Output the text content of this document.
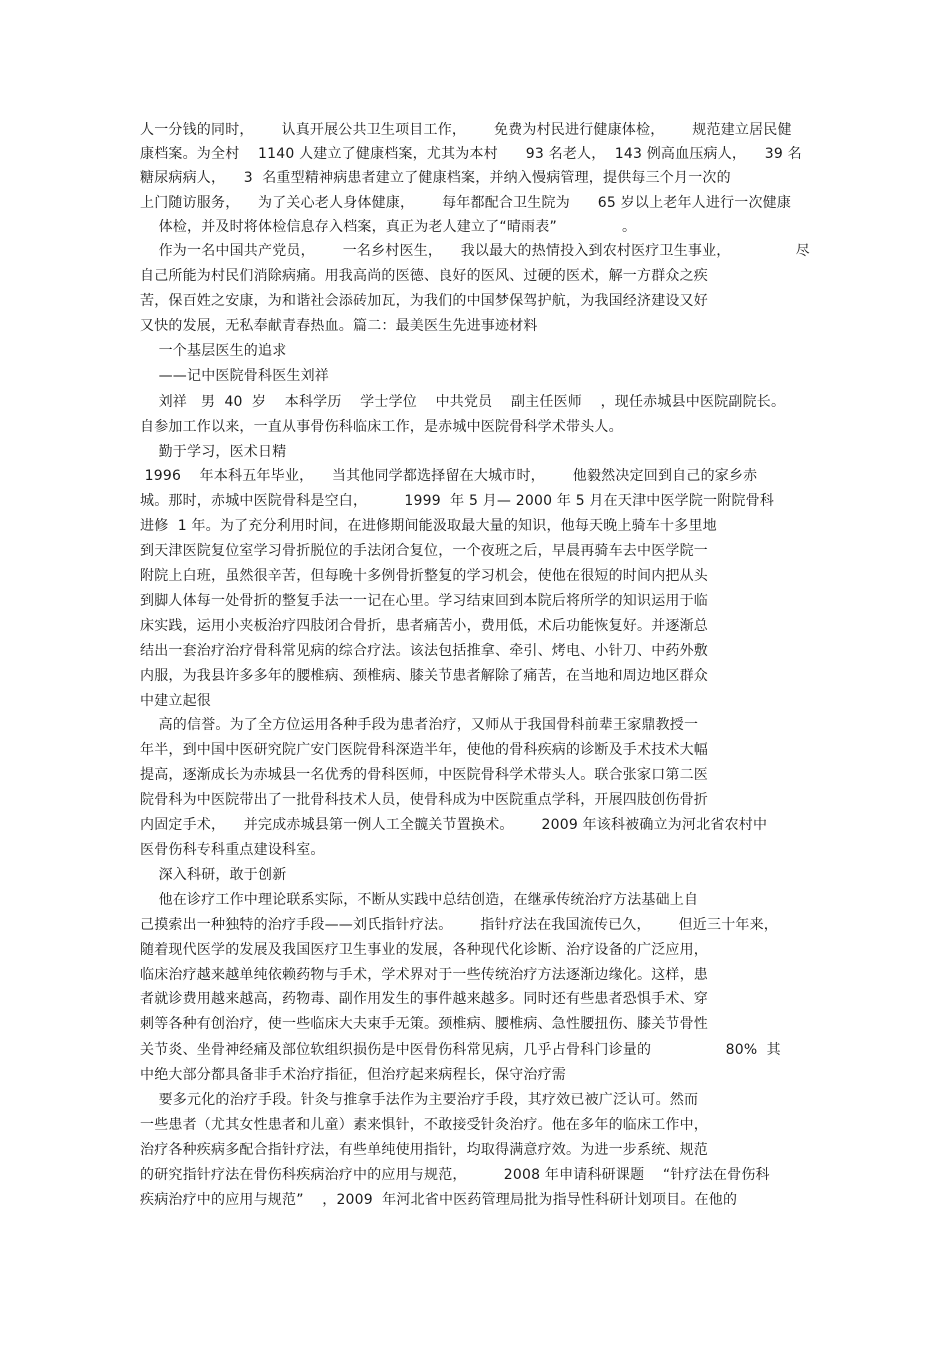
人一分钱的同时，      认真开展公共卫生项目工作，      免费为村民进行健康体检，      规范建立居民健
康档案。为全村    1140 人建立了健康档案，尤其为本村      93 名老人，  143 例高血压病人，    39 名
糖尿病病人，    3  名重型精神病患者建立了健康档案，并纳入慢病管理，提供每三个月一次的
上门随访服务，    为了关心老人身体健康，      每年都配合卫生院为      65 岁以上老年人进行一次健康
体检，并及时将体检信息存入档案，真正为老人建立了“晴雨表”              。
作为一名中国共产党员，      一名乡村医生，    我以最大的热情投入到农村医疗卫生事业，              尽
自己所能为村民们消除病痛。用我高尚的医德、良好的医风、过硬的医术，解一方群众之疾
苦，保百姓之安康，为和谐社会添砖加瓦，为我们的中国梦保驾护航，为我国经济建设又好
又快的发展，无私奉献青春热血。篇二：最美医生先进事迹材料
一个基层医生的追求
——记中医院骨科医生刘祥
刘祥   男  40  岁    本科学历    学士学位    中共党员    副主任医师    ，现任赤城县中医院副院长。
自参加工作以来，一直从事骨伤科临床工作，是赤城中医院骨科学术带头人。
勤于学习，医术日精
1996    年本科五年毕业，    当其他同学都选择留在大城市时，      他毅然决定回到自己的家乡赤
城。那时，赤城中医院骨科是空白，        1999  年 5 月— 2000 年 5 月在天津中医学院一附院骨科
进修  1 年。为了充分利用时间，在进修期间能汲取最大量的知识，他每天晚上骑车十多里地
到天津医院复位室学习骨折脱位的手法闭合复位，一个夜班之后，早晨再骑车去中医学院一
附院上白班，虽然很辛苦，但每晚十多例骨折整复的学习机会，使他在很短的时间内把从头
到脚人体每一处骨折的整复手法一一记在心里。学习结束回到本院后将所学的知识运用于临
床实践，运用小夹板治疗四肢闭合骨折，患者痛苦小，费用低，术后功能恢复好。并逐渐总
结出一套治疗治疗骨科常见病的综合疗法。该法包括推拿、牵引、烤电、小针刀、中药外敷
内服，为我县许多多年的腰椎病、颈椎病、膝关节患者解除了痛苦，在当地和周边地区群众
中建立起很
高的信誉。为了全方位运用各种手段为患者治疗，又师从于我国骨科前辈王家鼎教授一
年半，到中国中医研究院广安门医院骨科深造半年，使他的骨科疾病的诊断及手术技术大幅
提高，逐渐成长为赤城县一名优秀的骨科医师，中医院骨科学术带头人。联合张家口第二医
院骨科为中医院带出了一批骨科技术人员，使骨科成为中医院重点学科，开展四肢创伤骨折
内固定手术，    并完成赤城县第一例人工全髋关节置换术。      2009 年该科被确立为河北省农村中
医骨伤科专科重点建设科室。
深入科研，敢于创新
他在诊疗工作中理论联系实际，不断从实践中总结创造，在继承传统治疗方法基础上自
己摸索出一种独特的治疗手段——刘氏指针疗法。      指针疗法在我国流传已久，      但近三十年来，
随着现代医学的发展及我国医疗卫生事业的发展，各种现代化诊断、治疗设备的广泛应用，
临床治疗越来越单纯依赖药物与手术，学术界对于一些传统治疗方法逐渐边缘化。这样，患
者就诊费用越来越高，药物毒、副作用发生的事件越来越多。同时还有些患者恐惧手术、穿
刺等各种有创治疗，使一些临床大夫束手无策。颈椎病、腰椎病、急性腰扭伤、膝关节骨性
关节炎、坐骨神经痛及部位软组织损伤是中医骨伤科常见病，几乎占骨科门诊量的                80%  其
中绝大部分都具备非手术治疗指征，但治疗起来病程长，保守治疗需
要多元化的治疗手段。针灸与推拿手法作为主要治疗手段，其疗效已被广泛认可。然而
一些患者（尤其女性患者和儿童）素来惧针，不敢接受针灸治疗。他在多年的临床工作中，
治疗各种疾病多配合指针疗法，有些单纯使用指针，均取得满意疗效。为进一步系统、规范
的研究指针疗法在骨伤科疾病治疗中的应用与规范，        2008 年申请科研课题    “针疗法在骨伤科
疾病治疗中的应用与规范”    ，2009  年河北省中医药管理局批为指导性科研计划项目。在他的
